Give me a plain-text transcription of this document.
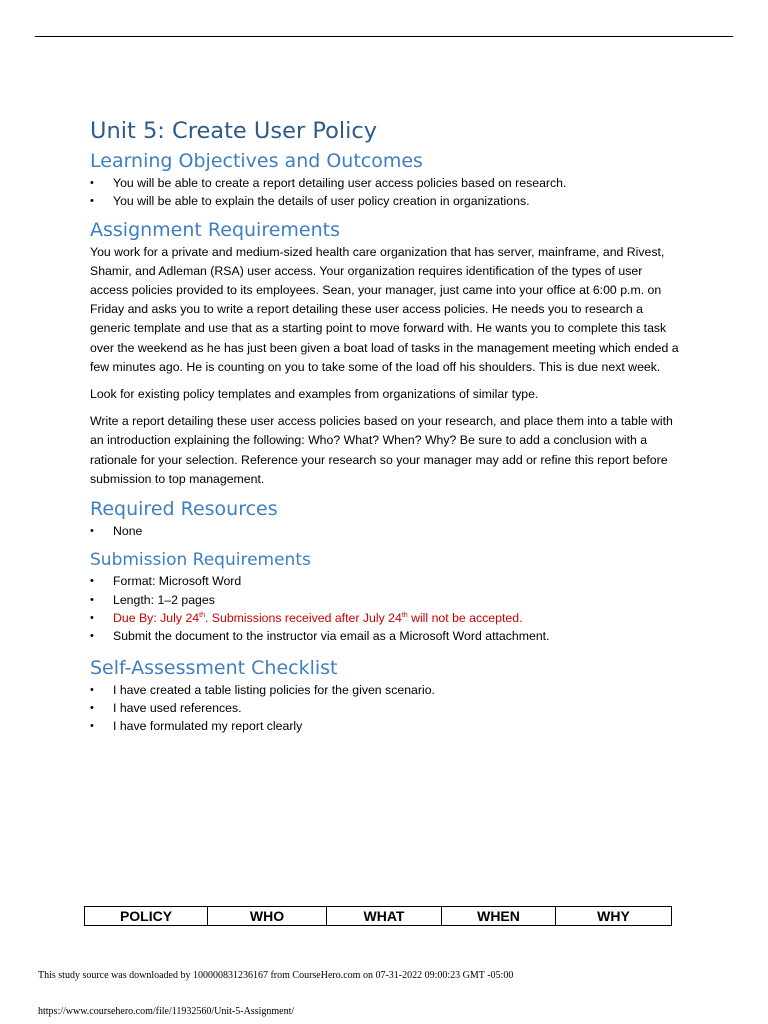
Unit 5: Create User Policy
Learning Objectives and Outcomes
• You will be able to create a report detailing user access policies based on research.
• You will be able to explain the details of user policy creation in organizations.
Assignment Requirements

You work for a private and medium-sized health care organization that has server, mainframe, and Rivest, Shamir, and Adleman (RSA) user access. Your organization requires identification of the types of user access policies provided to its employees. Sean, your manager, just came into your office at 6:00 p.m. on Friday and asks you to write a report detailing these user access policies. He needs you to research a generic template and use that as a starting point to move forward with. He wants you to complete this task over the weekend as he has just been given a boat load of tasks in the management meeting which ended a few minutes ago. He is counting on you to take some of the load off his shoulders. This is due next week.

Look for existing policy templates and examples from organizations of similar type.

Write a report detailing these user access policies based on your research, and place them into a table with an introduction explaining the following: Who? What? When? Why? Be sure to add a conclusion with a rationale for your selection. Reference your research so your manager may add or refine this report before submission to top management.

Required Resources
• None
Submission Requirements
• Format: Microsoft Word
• Length: 1–2 pages
• Due By: July 24th. Submissions received after July 24th will not be accepted.
• Submit the document to the instructor via email as a Microsoft Word attachment.
Self-Assessment Checklist
• I have created a table listing policies for the given scenario.
• I have used references.
• I have formulated my report clearly
POLICY	WHO	WHAT	WHEN	WHY
This study source was downloaded by 100000831236167 from CourseHero.com on 07-31-2022 09:00:23 GMT -05:00
https://www.coursehero.com/file/11932560/Unit-5-Assignment/
